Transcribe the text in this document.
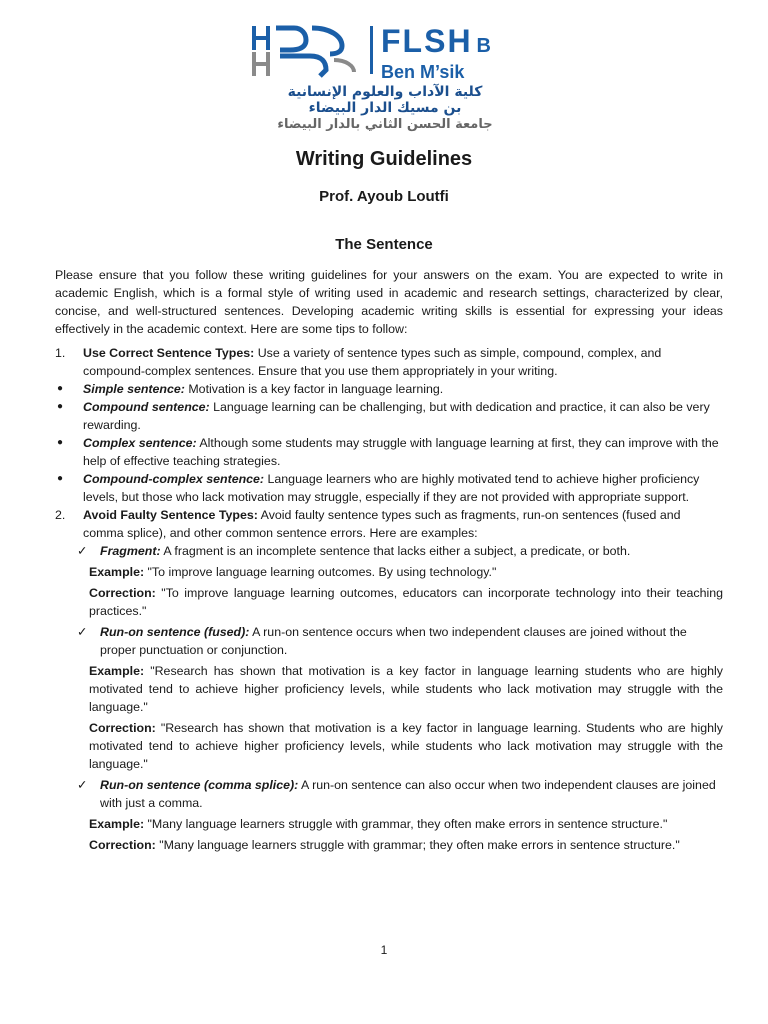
FLSH B
Ben M’sik
كلية الآداب والعلوم الإنسانية
بن مسيك الدار البيضاء
جامعة الحسن الثاني بالدار البيضاء
Writing Guidelines
Prof. Ayoub Loutfi
The Sentence

Please ensure that you follow these writing guidelines for your answers on the exam. You are expected to write in academic English, which is a formal style of writing used in academic and research settings, characterized by clear, concise, and well-structured sentences. Developing academic writing skills is essential for expressing your ideas effectively in the academic context. Here are some tips to follow:

1. Use Correct Sentence Types: Use a variety of sentence types such as simple, compound, complex, and compound-complex sentences. Ensure that you use them appropriately in your writing.

● Simple sentence: Motivation is a key factor in language learning.

● Compound sentence: Language learning can be challenging, but with dedication and practice, it can also be very rewarding.

● Complex sentence: Although some students may struggle with language learning at first, they can improve with the help of effective teaching strategies.

● Compound-complex sentence: Language learners who are highly motivated tend to achieve higher proficiency levels, but those who lack motivation may struggle, especially if they are not provided with appropriate support.

2. Avoid Faulty Sentence Types: Avoid faulty sentence types such as fragments, run-on sentences (fused and comma splice), and other common sentence errors. Here are examples:

✓ Fragment: A fragment is an incomplete sentence that lacks either a subject, a predicate, or both.

Example: "To improve language learning outcomes. By using technology."

Correction: "To improve language learning outcomes, educators can incorporate technology into their teaching practices."

✓ Run-on sentence (fused): A run-on sentence occurs when two independent clauses are joined without the proper punctuation or conjunction.

Example: "Research has shown that motivation is a key factor in language learning students who are highly motivated tend to achieve higher proficiency levels, while students who lack motivation may struggle with the language."

Correction: "Research has shown that motivation is a key factor in language learning. Students who are highly motivated tend to achieve higher proficiency levels, while students who lack motivation may struggle with the language."

✓ Run-on sentence (comma splice): A run-on sentence can also occur when two independent clauses are joined with just a comma.

Example: "Many language learners struggle with grammar, they often make errors in sentence structure."

Correction: "Many language learners struggle with grammar; they often make errors in sentence structure."

1
